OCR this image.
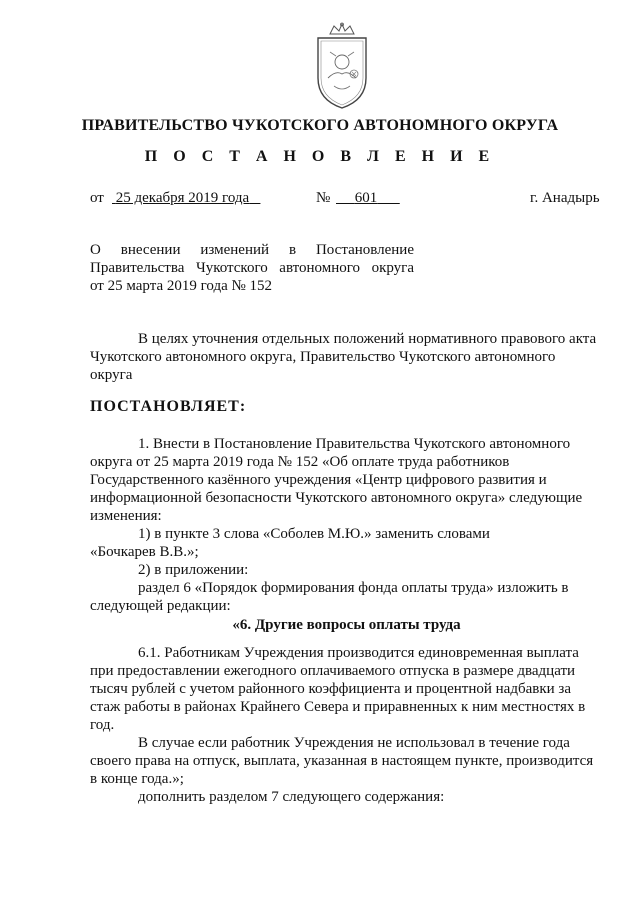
ПРАВИТЕЛЬСТВО ЧУКОТСКОГО АВТОНОМНОГО ОКРУГА
П О С Т А Н О В Л Е Н И Е
от 25 декабря 2019 года	№	601	г. Анадырь
О внесении изменений в Постановление
Правительства Чукотского автономного округа
от 25 марта 2019 года № 152
В целях уточнения отдельных положений нормативного правового акта
Чукотского автономного округа, Правительство Чукотского автономного
округа
ПОСТАНОВЛЯЕТ:
1. Внести в Постановление Правительства Чукотского автономного
округа от 25 марта 2019 года № 152 «Об оплате труда работников
Государственного казённого учреждения «Центр цифрового развития и
информационной безопасности Чукотского автономного округа» следующие
изменения:
1) в пункте 3 слова «Соболев М.Ю.» заменить словами
«Бочкарев В.В.»;
2) в приложении:
раздел 6 «Порядок формирования фонда оплаты труда» изложить в
следующей редакции:
«6. Другие вопросы оплаты труда
6.1. Работникам Учреждения производится единовременная выплата
при предоставлении ежегодного оплачиваемого отпуска в размере двадцати
тысяч рублей с учетом районного коэффициента и процентной надбавки за
стаж работы в районах Крайнего Севера и приравненных к ним местностях в
год.
В случае если работник Учреждения не использовал в течение года
своего права на отпуск, выплата, указанная в настоящем пункте, производится
в конце года.»;
дополнить разделом 7 следующего содержания:
